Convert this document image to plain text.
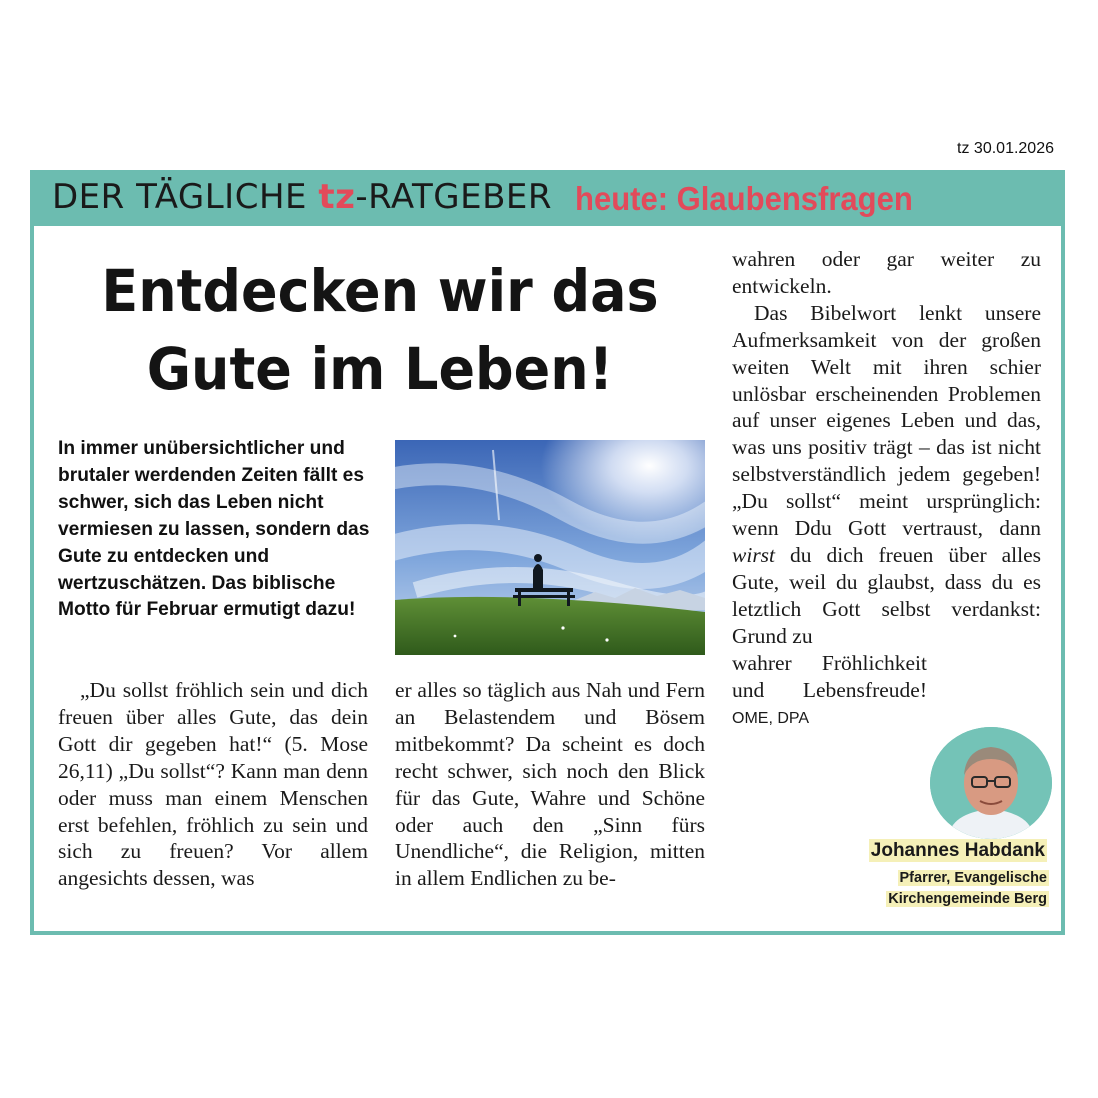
tz 30.01.2026
DER TÄGLICHE tz-RATGEBER heute: Glaubensfragen
Entdecken wir das
Gute im Leben!
In immer unübersichtlicher und brutaler werdenden Zeiten fällt es schwer, sich das Leben nicht vermiesen zu lassen, sondern das Gute zu entdecken und wertzuschätzen. Das biblische Motto für Februar ermutigt dazu!

„Du sollst fröhlich sein und dich freuen über alles Gute, das dein Gott dir gegeben hat!“ (5. Mose 26,11) „Du sollst“? Kann man denn oder muss man einem Menschen erst befehlen, fröhlich zu sein und sich zu freuen? Vor allem angesichts dessen, was

er alles so täglich aus Nah und Fern an Belastendem und Bösem mitbekommt? Da scheint es doch recht schwer, sich noch den Blick für das Gute, Wahre und Schöne oder auch den „Sinn fürs Unendliche“, die Religion, mitten in allem Endlichen zu be-

wahren oder gar weiter zu entwickeln.

Das Bibelwort lenkt unsere Aufmerksamkeit von der großen weiten Welt mit ihren schier unlösbar erscheinenden Problemen auf unser eigenes Leben und das, was uns positiv trägt – das ist nicht selbstverständlich jedem gegeben! „Du sollst“ meint ursprünglich: wenn Ddu Gott vertraust, dann wirst du dich freuen über alles Gute, weil du glaubst, dass du es letztlich Gott selbst verdankst: Grund zu

wahrer Fröhlichkeit und Lebensfreude! OME, DPA

Johannes Habdank
Pfarrer, Evangelische
Kirchengemeinde Berg
